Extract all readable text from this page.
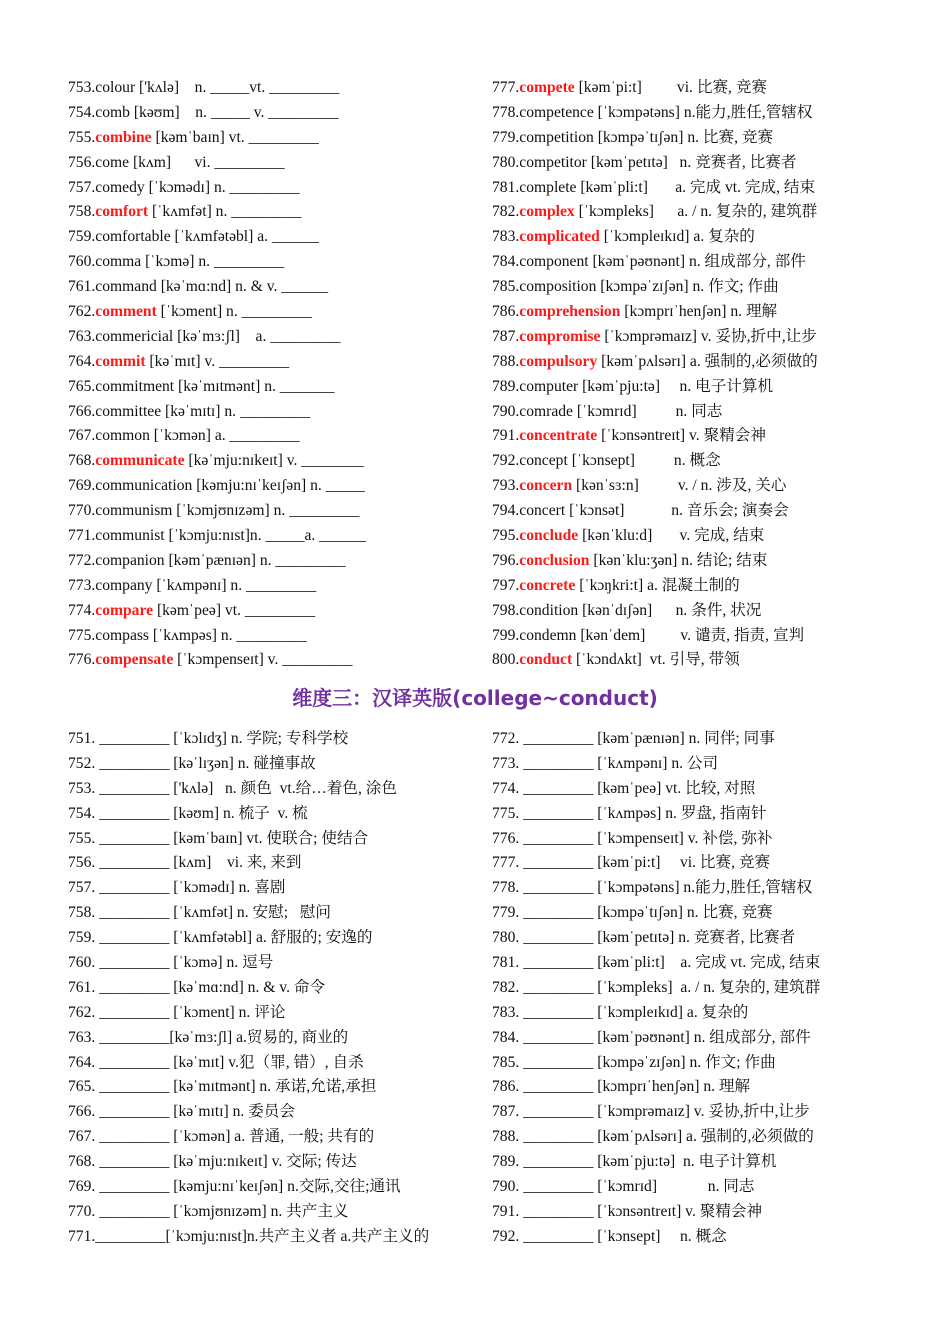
753.colour ['kʌlə]    n. _____vt. _________
754.comb [kəʊm]    n. _____ v. _________
755.combine [kəmˈbaɪn] vt. _________
756.come [kʌm]      vi. _________
757.comedy [ˈkɔmədɪ] n. _________
758.comfort [ˈkʌmfət] n. _________
759.comfortable [ˈkʌmfətəbl] a. ______
760.comma [ˈkɔmə] n. _________
761.command [kəˈmɑ:nd] n. & v. ______
762.comment [ˈkɔment] n. _________
763.commericial [kəˈmɜ:ʃl]    a. _________
764.commit [kəˈmɪt] v. _________
765.commitment [kəˈmɪtmənt] n. _______
766.committee [kəˈmɪtɪ] n. _________
767.common [ˈkɔmən] a. _________
768.communicate [kəˈmju:nɪkeɪt] v. ________
769.communication [kəmju:nɪˈkeɪʃən] n. _____
770.communism [ˈkɔmjʊnɪzəm] n. _________
771.communist [ˈkɔmju:nɪst]n. _____a. ______
772.companion [kəmˈpænɪən] n. _________
773.company [ˈkʌmpənɪ] n. _________
774.compare [kəmˈpeə] vt. _________
775.compass [ˈkʌmpəs] n. _________
776.compensate [ˈkɔmpenseɪt] v. _________
777.compete [kəmˈpi:t]         vi. 比赛, 竞赛
778.competence [ˈkɔmpətəns] n.能力,胜任,管辖权
779.competition [kɔmpəˈtɪʃən] n. 比赛, 竞赛
780.competitor [kəmˈpetɪtə]   n. 竞赛者, 比赛者
781.complete [kəmˈpli:t]       a. 完成 vt. 完成, 结束
782.complex [ˈkɔmpleks]      a. / n. 复杂的, 建筑群
783.complicated [ˈkɔmpleɪkɪd] a. 复杂的
784.component [kəmˈpəʊnənt] n. 组成部分, 部件
785.composition [kɔmpəˈzɪʃən] n. 作文; 作曲
786.comprehension [kɔmprɪˈhenʃən] n. 理解
787.compromise [ˈkɔmprəmaɪz] v. 妥协,折中,让步
788.compulsory [kəmˈpʌlsərɪ] a. 强制的,必须做的
789.computer [kəmˈpju:tə]     n. 电子计算机
790.comrade [ˈkɔmrɪd]          n. 同志
791.concentrate [ˈkɔnsəntreɪt] v. 聚精会神
792.concept [ˈkɔnsept]          n. 概念
793.concern [kənˈsɜ:n]          v. / n. 涉及, 关心
794.concert [ˈkɔnsət]            n. 音乐会; 演奏会
795.conclude [kənˈklu:d]       v. 完成, 结束
796.conclusion [kənˈklu:ʒən] n. 结论; 结束
797.concrete [ˈkɔŋkri:t] a. 混凝土制的
798.condition [kənˈdɪʃən]      n. 条件, 状况
799.condemn [kənˈdem]         v. 谴责, 指责, 宣判
800.conduct [ˈkɔndʌkt]  vt. 引导, 带领
维度三：汉译英版(college~conduct)
751. _________ [ˈkɔlɪdʒ] n. 学院; 专科学校
752. _________ [kəˈlɪʒən] n. 碰撞事故
753. _________ ['kʌlə]   n. 颜色  vt.给…着色, 涂色
754. _________ [kəʊm] n. 梳子  v. 梳
755. _________ [kəmˈbaɪn] vt. 使联合; 使结合
756. _________ [kʌm]    vi. 来, 来到
757. _________ [ˈkɔmədɪ] n. 喜剧
758. _________ [ˈkʌmfət] n. 安慰;   慰问
759. _________ [ˈkʌmfətəbl] a. 舒服的; 安逸的
760. _________ [ˈkɔmə] n. 逗号
761. _________ [kəˈmɑ:nd] n. & v. 命令
762. _________ [ˈkɔment] n. 评论
763. _________[kəˈmɜ:ʃl] a.贸易的, 商业的
764. _________ [kəˈmɪt] v.犯（罪, 错）, 自杀
765. _________ [kəˈmɪtmənt] n. 承诺,允诺,承担
766. _________ [kəˈmɪtɪ] n. 委员会
767. _________ [ˈkɔmən] a. 普通, 一般; 共有的
768. _________ [kəˈmju:nɪkeɪt] v. 交际; 传达
769. _________ [kəmju:nɪˈkeɪʃən] n.交际,交往;通讯
770. _________ [ˈkɔmjʊnɪzəm] n. 共产主义
771._________[ˈkɔmju:nɪst]n.共产主义者 a.共产主义的
772. _________ [kəmˈpænɪən] n. 同伴; 同事
773. _________ [ˈkʌmpənɪ] n. 公司
774. _________ [kəmˈpeə] vt. 比较, 对照
775. _________ [ˈkʌmpəs] n. 罗盘, 指南针
776. _________ [ˈkɔmpenseɪt] v. 补偿, 弥补
777. _________ [kəmˈpi:t]     vi. 比赛, 竞赛
778. _________ [ˈkɔmpətəns] n.能力,胜任,管辖权
779. _________ [kɔmpəˈtɪʃən] n. 比赛, 竞赛
780. _________ [kəmˈpetɪtə] n. 竞赛者, 比赛者
781. _________ [kəmˈpli:t]    a. 完成 vt. 完成, 结束
782. _________ [ˈkɔmpleks]  a. / n. 复杂的, 建筑群
783. _________ [ˈkɔmpleɪkɪd] a. 复杂的
784. _________ [kəmˈpəʊnənt] n. 组成部分, 部件
785. _________ [kɔmpəˈzɪʃən] n. 作文; 作曲
786. _________ [kɔmprɪˈhenʃən] n. 理解
787. _________ [ˈkɔmprəmaɪz] v. 妥协,折中,让步
788. _________ [kəmˈpʌlsərɪ] a. 强制的,必须做的
789. _________ [kəmˈpju:tə]  n. 电子计算机
790. _________ [ˈkɔmrɪd]             n. 同志
791. _________ [ˈkɔnsəntreɪt] v. 聚精会神
792. _________ [ˈkɔnsept]     n. 概念
